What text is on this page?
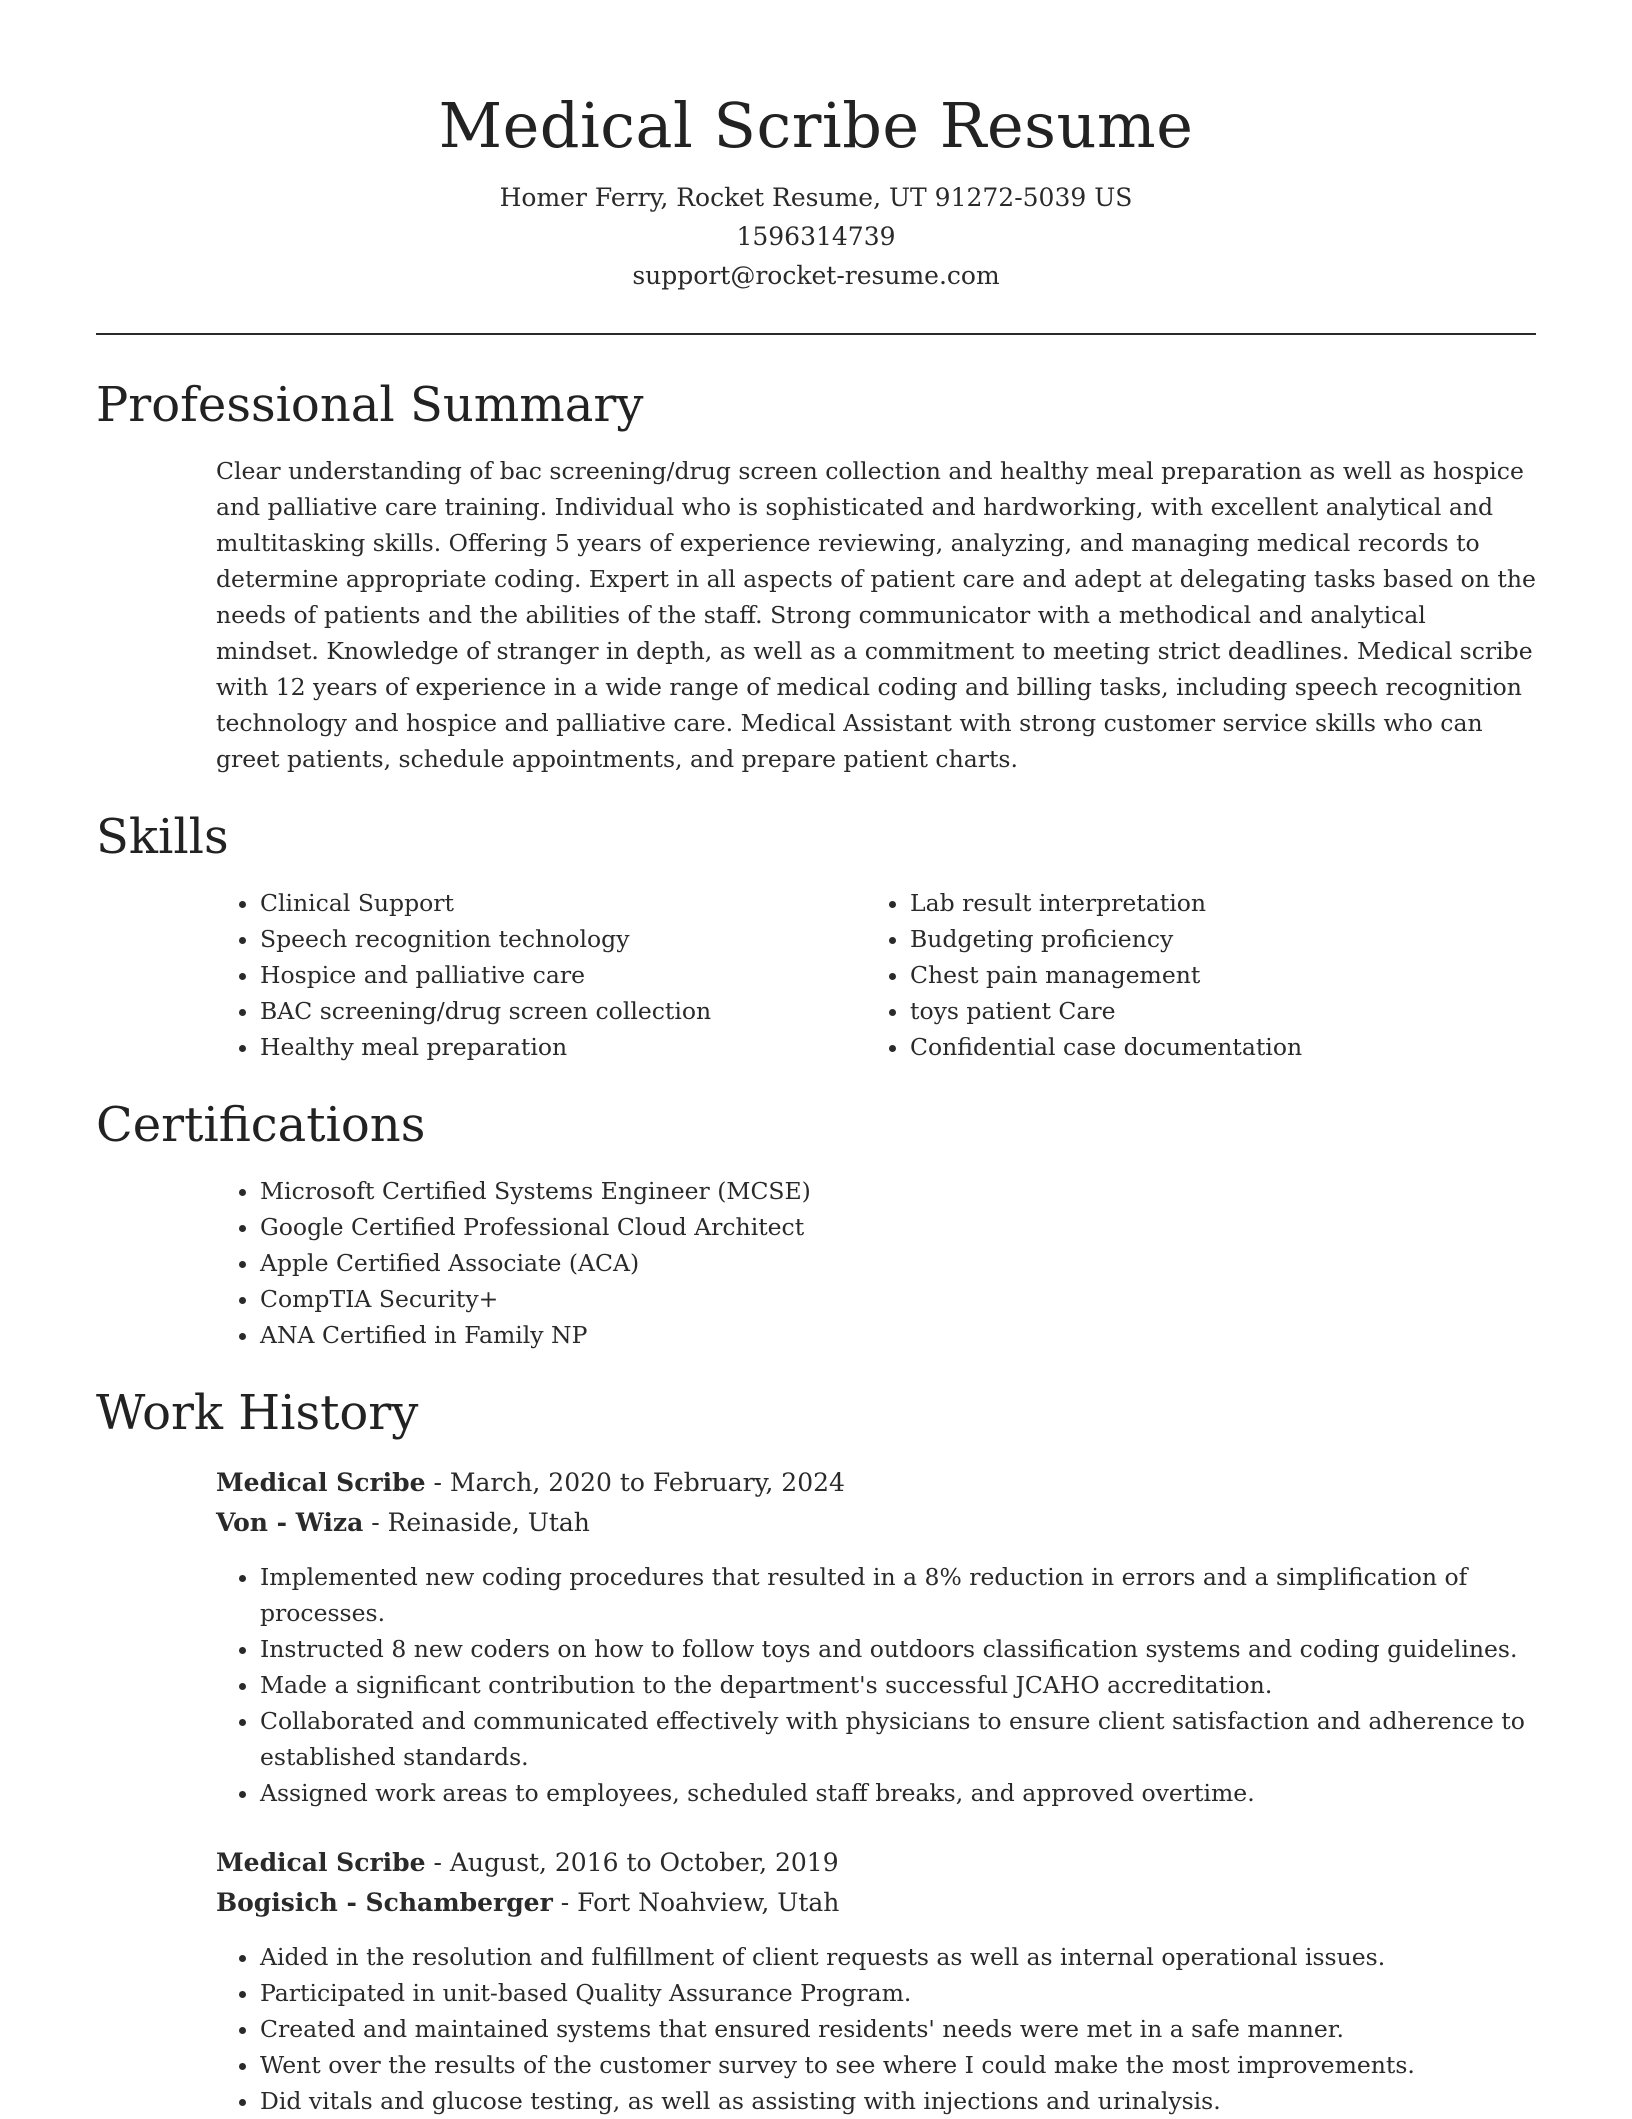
Medical Scribe Resume
Homer Ferry, Rocket Resume, UT 91272-5039 US
1596314739
support@rocket-resume.com
Professional Summary

Clear understanding of bac screening/drug screen collection and healthy meal preparation as well as hospice and palliative care training. Individual who is sophisticated and hardworking, with excellent analytical and multitasking skills. Offering 5 years of experience reviewing, analyzing, and managing medical records to determine appropriate coding. Expert in all aspects of patient care and adept at delegating tasks based on the needs of patients and the abilities of the staff. Strong communicator with a methodical and analytical mindset. Knowledge of stranger in depth, as well as a commitment to meeting strict deadlines. Medical scribe with 12 years of experience in a wide range of medical coding and billing tasks, including speech recognition technology and hospice and palliative care. Medical Assistant with strong customer service skills who can greet patients, schedule appointments, and prepare patient charts.

Skills
• Clinical Support
• Speech recognition technology
• Hospice and palliative care
• BAC screening/drug screen collection
• Healthy meal preparation
• Lab result interpretation
• Budgeting proficiency
• Chest pain management
• toys patient Care
• Confidential case documentation
Certifications
• Microsoft Certified Systems Engineer (MCSE)
• Google Certified Professional Cloud Architect
• Apple Certified Associate (ACA)
• CompTIA Security+
• ANA Certified in Family NP
Work History
Medical Scribe - March, 2020 to February, 2024
Von - Wiza - Reinaside, Utah
• Implemented new coding procedures that resulted in a 8% reduction in errors and a simplification of processes.
• Instructed 8 new coders on how to follow toys and outdoors classification systems and coding guidelines.
• Made a significant contribution to the department's successful JCAHO accreditation.
• Collaborated and communicated effectively with physicians to ensure client satisfaction and adherence to established standards.
• Assigned work areas to employees, scheduled staff breaks, and approved overtime.
Medical Scribe - August, 2016 to October, 2019
Bogisich - Schamberger - Fort Noahview, Utah
• Aided in the resolution and fulfillment of client requests as well as internal operational issues.
• Participated in unit-based Quality Assurance Program.
• Created and maintained systems that ensured residents' needs were met in a safe manner.
• Went over the results of the customer survey to see where I could make the most improvements.
• Did vitals and glucose testing, as well as assisting with injections and urinalysis.
